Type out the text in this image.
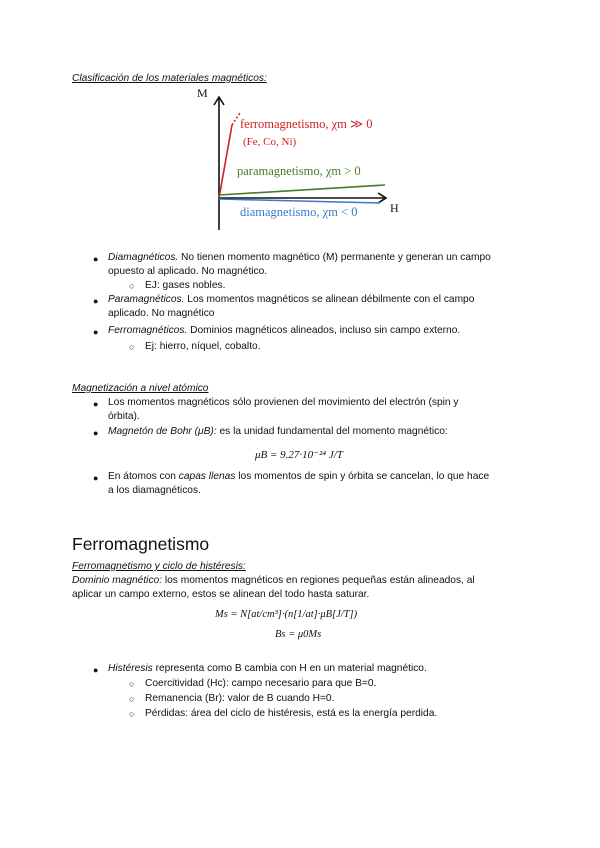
Clasificación de los materiales magnéticos:
M
H
ferromagnetismo, χm ≫ 0
(Fe, Co, Ni)
paramagnetismo, χm > 0
diamagnetismo, χm < 0
● Diamagnéticos. No tienen momento magnético (M) permanente y generan un campo
opuesto al aplicado. No magnético.
○ EJ: gases nobles.
● Paramagnéticos. Los momentos magnéticos se alinean débilmente con el campo
aplicado. No magnético
● Ferromagnéticos. Dominios magnéticos alineados, incluso sin campo externo.
○ Ej: hierro, níquel, cobalto.
Magnetización a nivel atómico
● Los momentos magnéticos sólo provienen del movimiento del electrón (spin y
órbita).
● Magnetón de Bohr (μB): es la unidad fundamental del momento magnético:
μB = 9.27·10⁻²⁴ J/T
● En átomos con capas llenas los momentos de spin y órbita se cancelan, lo que hace
a los diamagnéticos.
Ferromagnetismo
Ferromagnetismo y ciclo de histéresis:
Dominio magnético: los momentos magnéticos en regiones pequeñas están alineados, al
aplicar un campo externo, estos se alinean del todo hasta saturar.
Ms = N[at/cm³]·(n[1/at]·μB[J/T])
Bs = μ0Ms
● Histéresis representa como B cambia con H en un material magnético.
○ Coercitividad (Hc): campo necesario para que B=0.
○ Remanencia (Br): valor de B cuando H=0.
○ Pérdidas: área del ciclo de histéresis, está es la energía perdida.
